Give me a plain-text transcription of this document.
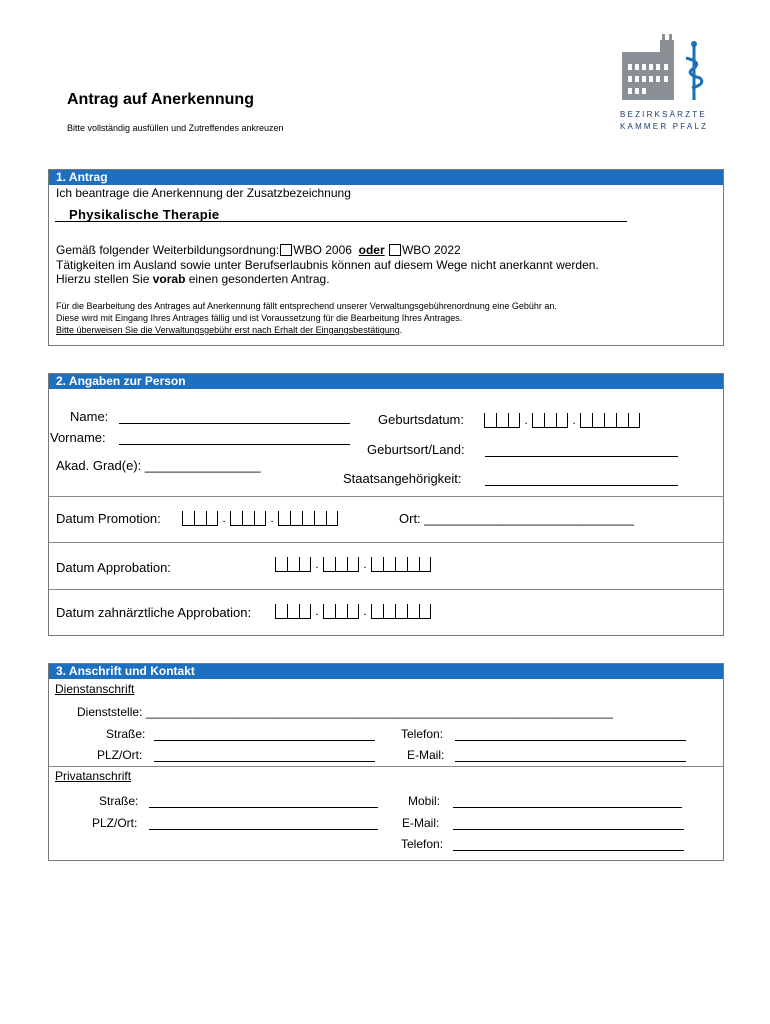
Antrag auf Anerkennung
Bitte vollständig ausfüllen und Zutreffendes ankreuzen
BEZIRKSÄRZTE
KAMMER PFALZ
1. Antrag
Ich beantrage die Anerkennung der Zusatzbezeichnung
Physikalische Therapie
Gemäß folgender Weiterbildungsordnung: WBO 2006 oder WBO 2022
Tätigkeiten im Ausland sowie unter Berufserlaubnis können auf diesem Wege nicht anerkannt werden.
Hierzu stellen Sie vorab einen gesonderten Antrag.
Für die Bearbeitung des Antrages auf Anerkennung fällt entsprechend unserer Verwaltungsgebührenordnung eine Gebühr an.
Diese wird mit Eingang Ihres Antrages fällig und ist Voraussetzung für die Bearbeitung Ihres Antrages.
Bitte überweisen Sie die Verwaltungsgebühr erst nach Erhalt der Eingangsbestätigung.
2. Angaben zur Person
Name:
Vorname:
Akad. Grad(e): ________________
Geburtsdatum:	.	.
Geburtsort/Land:
Staatsangehörigkeit:
Datum Promotion:	.	.	Ort: _____________________________
Datum Approbation:	.	.
Datum zahnärztliche Approbation:	.	.
3. Anschrift und Kontakt
Dienstanschrift
Dienststelle: ______________________________________________________________________
Straße:
PLZ/Ort:
Telefon:
E-Mail:
Privatanschrift
Straße:
PLZ/Ort:
Mobil:
E-Mail:
Telefon:
